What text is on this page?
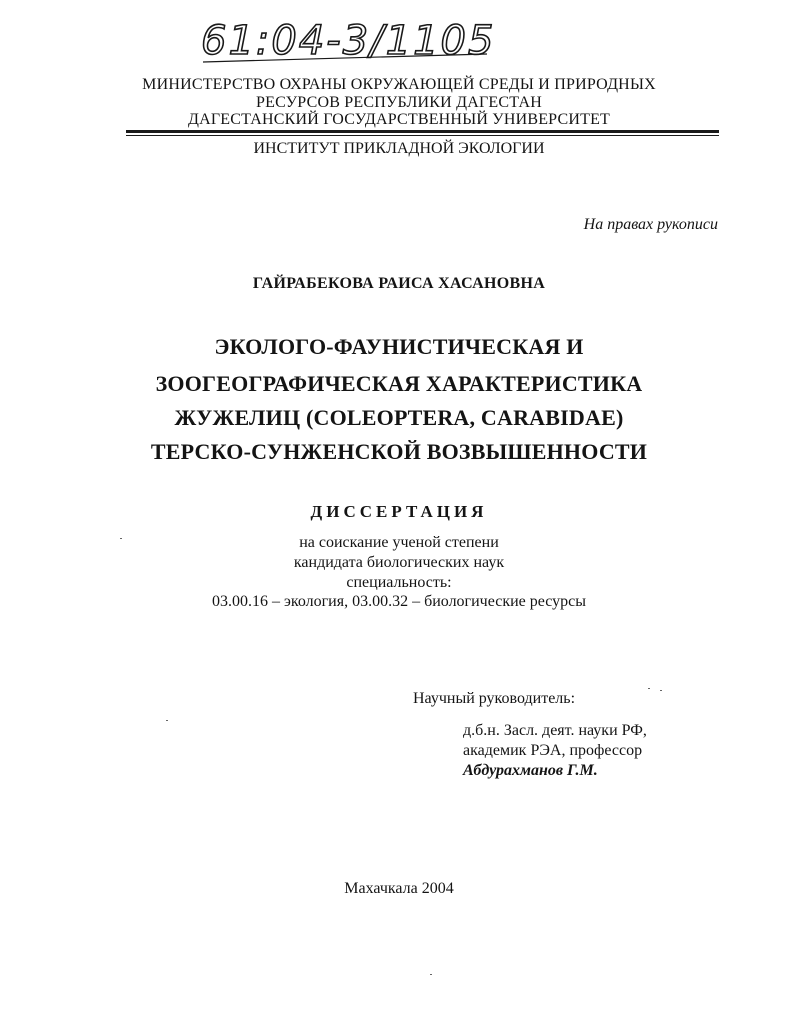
61:04-3/1105
МИНИСТЕРСТВО ОХРАНЫ ОКРУЖАЮЩЕЙ СРЕДЫ И ПРИРОДНЫХ
РЕСУРСОВ РЕСПУБЛИКИ ДАГЕСТАН
ДАГЕСТАНСКИЙ ГОСУДАРСТВЕННЫЙ УНИВЕРСИТЕТ
ИНСТИТУТ ПРИКЛАДНОЙ ЭКОЛОГИИ
На правах рукописи
ГАЙРАБЕКОВА РАИСА ХАСАНОВНА
ЭКОЛОГО-ФАУНИСТИЧЕСКАЯ И
ЗООГЕОГРАФИЧЕСКАЯ ХАРАКТЕРИСТИКА
ЖУЖЕЛИЦ (COLEOPTERA, CARABIDAE)
ТЕРСКО-СУНЖЕНСКОЙ ВОЗВЫШЕННОСТИ
ДИССЕРТАЦИЯ
на соискание ученой степени
кандидата биологических наук
специальность:
03.00.16 – экология, 03.00.32 – биологические ресурсы
Научный руководитель:
д.б.н. Засл. деят. науки РФ,
академик РЭА, профессор
Абдурахманов Г.М.
Махачкала 2004
